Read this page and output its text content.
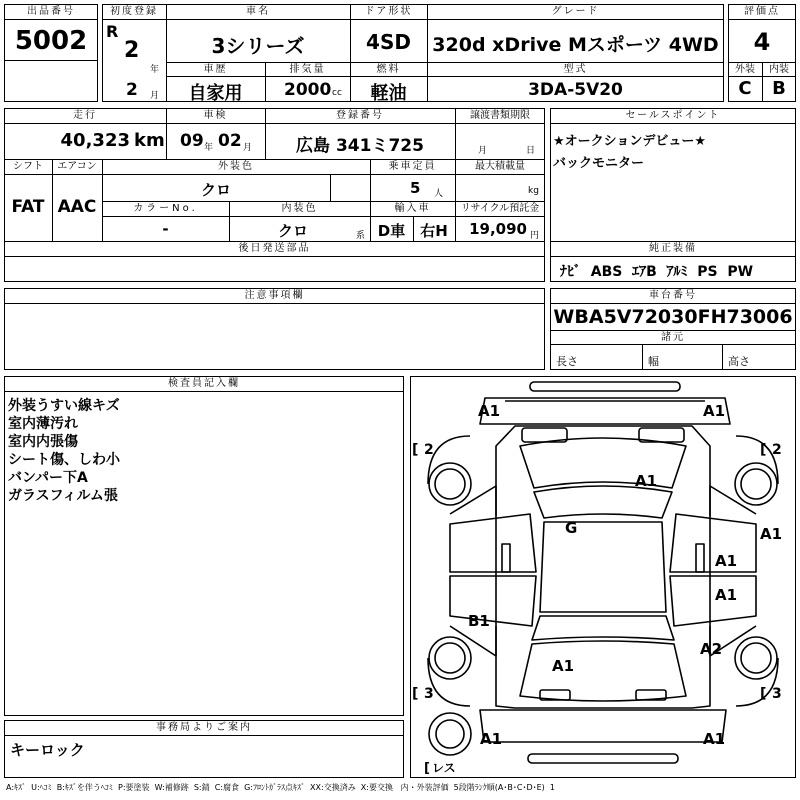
出品番号
5002
初度登録
R
2
年
2 月
車名
3シリーズ
ドア形状
4SD
グレード
320d xDrive Mスポーツ 4WD
車歴
自家用
排気量
2000 cc
燃料
軽油
型式
3DA-5V20
評価点
4
外装
C
内装
B
走行
40,323 km
車検
09 年 02 月
登録番号
広島 341ミ725
譲渡書類期限
月	日
シフト
FAT
エアコン
AAC
外装色
クロ
乗車定員
5 人
最大積載量
kg
カラーNo.
-
内装色
クロ	系
輸入車
D車	右H
リサイクル預託金
19,090 円
後日発送部品
セールスポイント
★オークションデビュー★
バックモニター
純正装備
ﾅﾋﾞ  ABS  ｴｱB  ｱﾙﾐ  PS  PW
注意事項欄	車台番号
WBA5V72030FH73006
諸元
長さ	幅	高さ
検査員記入欄
外装うすい線キズ
室内薄汚れ
室内内張傷
シート傷、しわ小
バンパー下A
ガラスフィルム張
事務局よりご案内
キーロック
A1	A1
A1
G	A1
A1
A1
A2
B1
A1
A1	A1
[ 2	[ 2
[ 3	[ 3
[ レス
A:ｷｽﾞ  U:ﾍｺﾐ  B:ｷｽﾞを伴うﾍｺﾐ  P:要塗装  W:補修跡  S:錆  C:腐食  G:ﾌﾛﾝﾄｶﾞﾗｽ点ｷｽﾞ  XX:交換済み  X:要交換   内・外装評価  5段階ﾗﾝｸ順(A･B･C･D･E)  1
